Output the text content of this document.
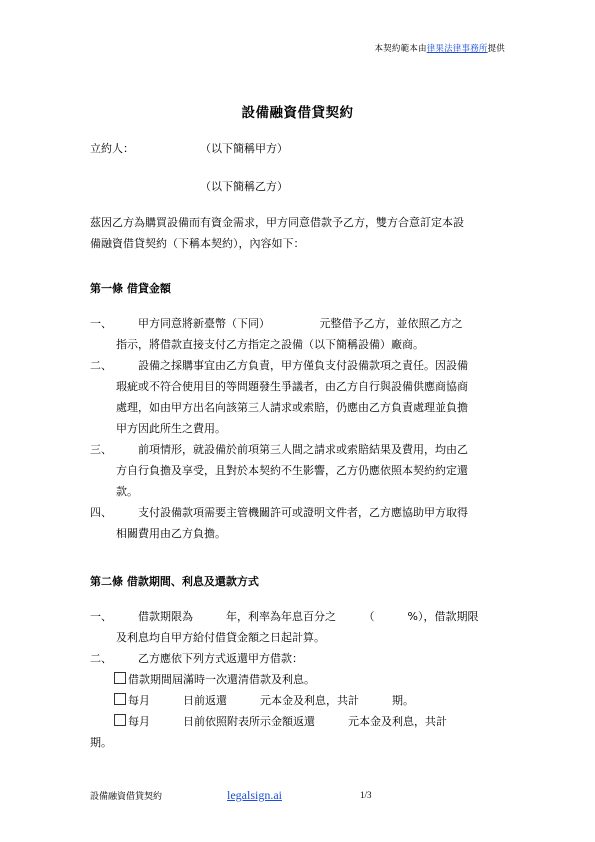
本契約範本由律果法律事務所提供
設備融資借貸契約
立約人：	（以下簡稱甲方）
（以下簡稱乙方）
茲因乙方為購買設備而有資金需求，甲方同意借款予乙方，雙方合意訂定本設
備融資借貸契約（下稱本契約），內容如下：
第一條 借貸金額
一、 　　甲方同意將新臺幣（下同）　　　　　元整借予乙方，並依照乙方之
指示，將借款直接支付乙方指定之設備（以下簡稱設備）廠商。
二、 　　設備之採購事宜由乙方負責，甲方僅負支付設備款項之責任。因設備
瑕疵或不符合使用目的等問題發生爭議者，由乙方自行與設備供應商協商
處理，如由甲方出名向該第三人請求或索賠，仍應由乙方負責處理並負擔
甲方因此所生之費用。
三、 　　前項情形，就設備於前項第三人間之請求或索賠結果及費用，均由乙
方自行負擔及享受，且對於本契約不生影響，乙方仍應依照本契約約定還
款。
四、 　　支付設備款項需要主管機關許可或證明文件者，乙方應協助甲方取得
相關費用由乙方負擔。
第二條 借款期間、利息及還款方式
一、 　　借款期限為　　　年，利率為年息百分之　　　（　　　%），借款期限
及利息均自甲方給付借貸金額之日起計算。
二、 　　乙方應依下列方式返還甲方借款：
借款期間屆滿時一次還清借款及利息。
每月　　　日前返還　　　元本金及利息，共計　　　期。
每月　　　日前依照附表所示金額返還　　　元本金及利息，共計
期。
設備融資借貸契約	legalsign.ai	1/3
